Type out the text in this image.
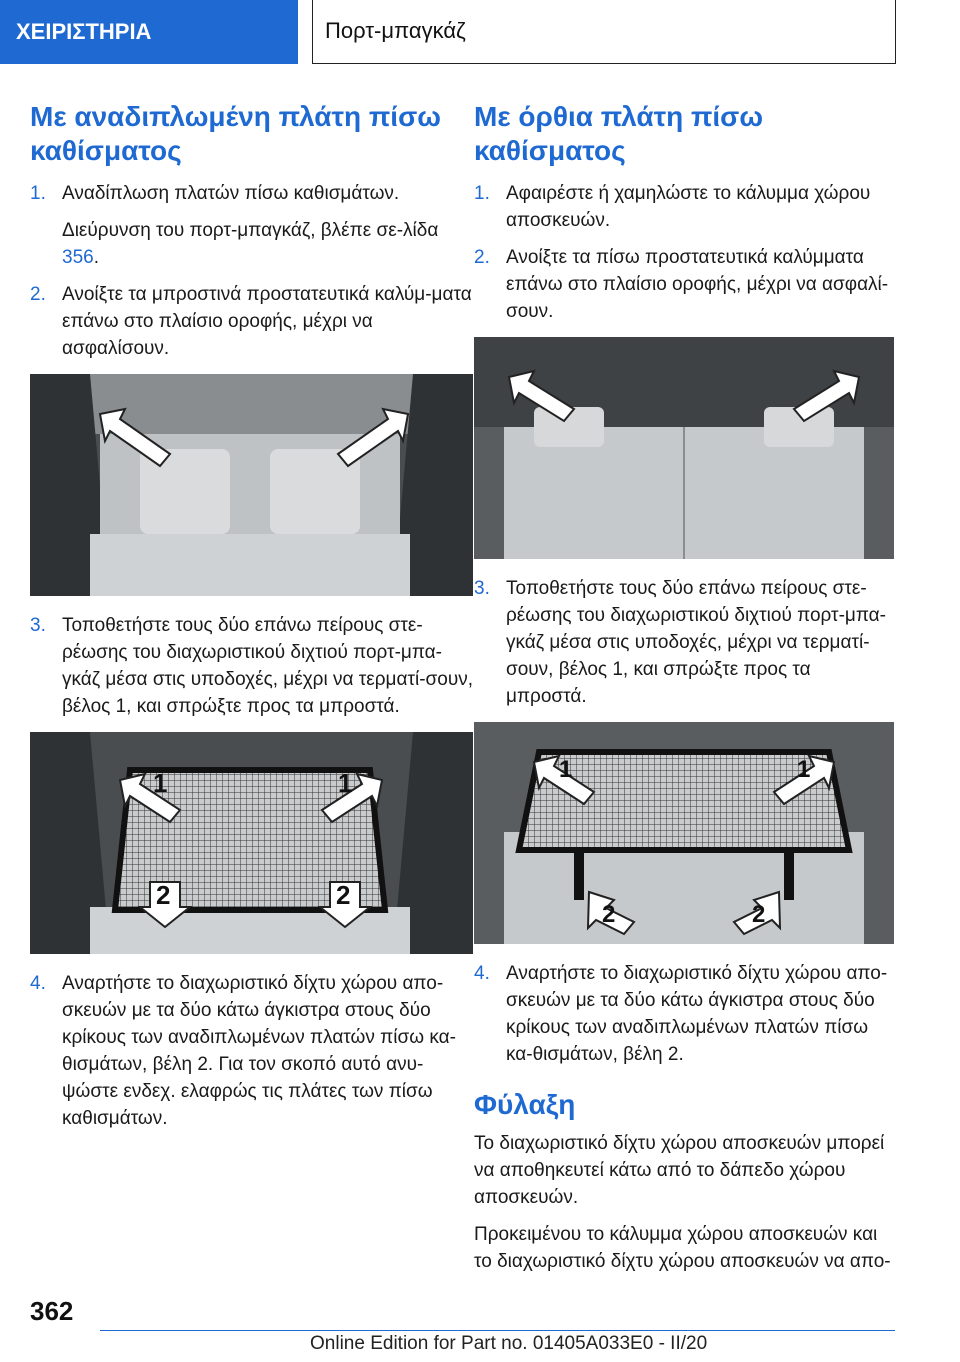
ΧΕΙΡΙΣΤΗΡΙΑ	Πορτ-μπαγκάζ
Με αναδιπλωμένη πλάτη πίσω καθίσματος
1. Αναδίπλωση πλατών πίσω καθισμάτων.
Διεύρυνση του πορτ-μπαγκάζ, βλέπε σε-λίδα 356.
2. Ανοίξτε τα μπροστινά προστατευτικά καλύμ-ματα επάνω στο πλαίσιο οροφής, μέχρι να ασφαλίσουν.
3. Τοποθετήστε τους δύο επάνω πείρους στε-ρέωσης του διαχωριστικού διχτιού πορτ-μπα-γκάζ μέσα στις υποδοχές, μέχρι να τερματί-σουν, βέλος 1, και σπρώξτε προς τα μπροστά.
1	1
2	2
4. Αναρτήστε το διαχωριστικό δίχτυ χώρου απο-σκευών με τα δύο κάτω άγκιστρα στους δύο κρίκους των αναδιπλωμένων πλατών πίσω κα-θισμάτων, βέλη 2. Για τον σκοπό αυτό ανυ-ψώστε ενδεχ. ελαφρώς τις πλάτες των πίσω καθισμάτων.
Με όρθια πλάτη πίσω καθίσματος
1. Αφαιρέστε ή χαμηλώστε το κάλυμμα χώρου αποσκευών.
2. Ανοίξτε τα πίσω προστατευτικά καλύμματα επάνω στο πλαίσιο οροφής, μέχρι να ασφαλί-σουν.
3. Τοποθετήστε τους δύο επάνω πείρους στε-ρέωσης του διαχωριστικού διχτιού πορτ-μπα-γκάζ μέσα στις υποδοχές, μέχρι να τερματί-σουν, βέλος 1, και σπρώξτε προς τα μπροστά.
1	1
2	2
4. Αναρτήστε το διαχωριστικό δίχτυ χώρου απο-σκευών με τα δύο κάτω άγκιστρα στους δύο κρίκους των αναδιπλωμένων πλατών πίσω κα-θισμάτων, βέλη 2.
Φύλαξη

Το διαχωριστικό δίχτυ χώρου αποσκευών μπορεί να αποθηκευτεί κάτω από το δάπεδο χώρου αποσκευών.

Προκειμένου το κάλυμμα χώρου αποσκευών και το διαχωριστικό δίχτυ χώρου αποσκευών να απο-

362
Online Edition for Part no. 01405A033E0 - II/20
